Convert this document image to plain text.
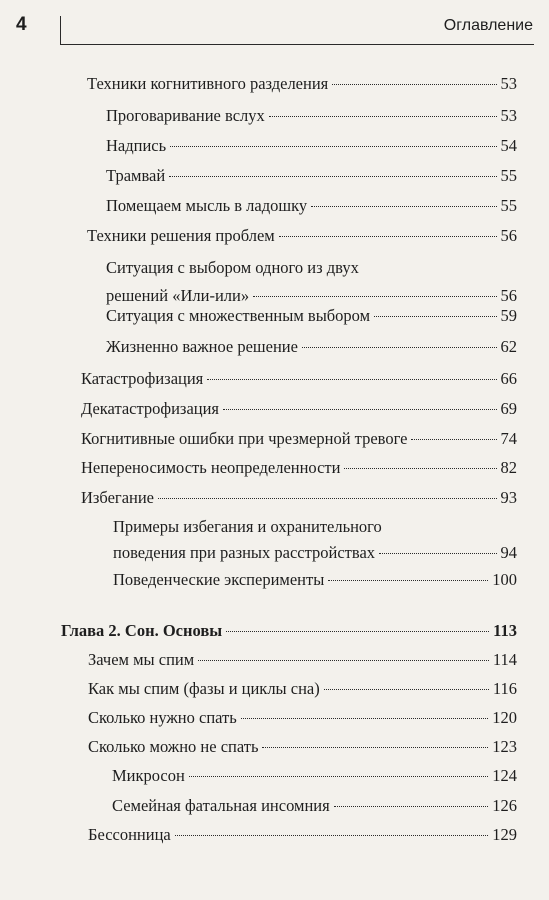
4	Оглавление
Техники когнитивного разделения	53
Проговаривание вслух	53
Надпись	54
Трамвай	55
Помещаем мысль в ладошку	55
Техники решения проблем	56
Ситуация с выбором одного из двух
решений «Или-или»	56
Ситуация с множественным выбором	59
Жизненно важное решение	62
Катастрофизация	66
Декатастрофизация	69
Когнитивные ошибки при чрезмерной тревоге	74
Непереносимость неопределенности	82
Избегание	93
Примеры избегания и охранительного
поведения при разных расстройствах	94
Поведенческие эксперименты	100
Глава 2. Сон. Основы	113
Зачем мы спим	114
Как мы спим (фазы и циклы сна)	116
Сколько нужно спать	120
Сколько можно не спать	123
Микросон	124
Семейная фатальная инсомния	126
Бессонница	129
